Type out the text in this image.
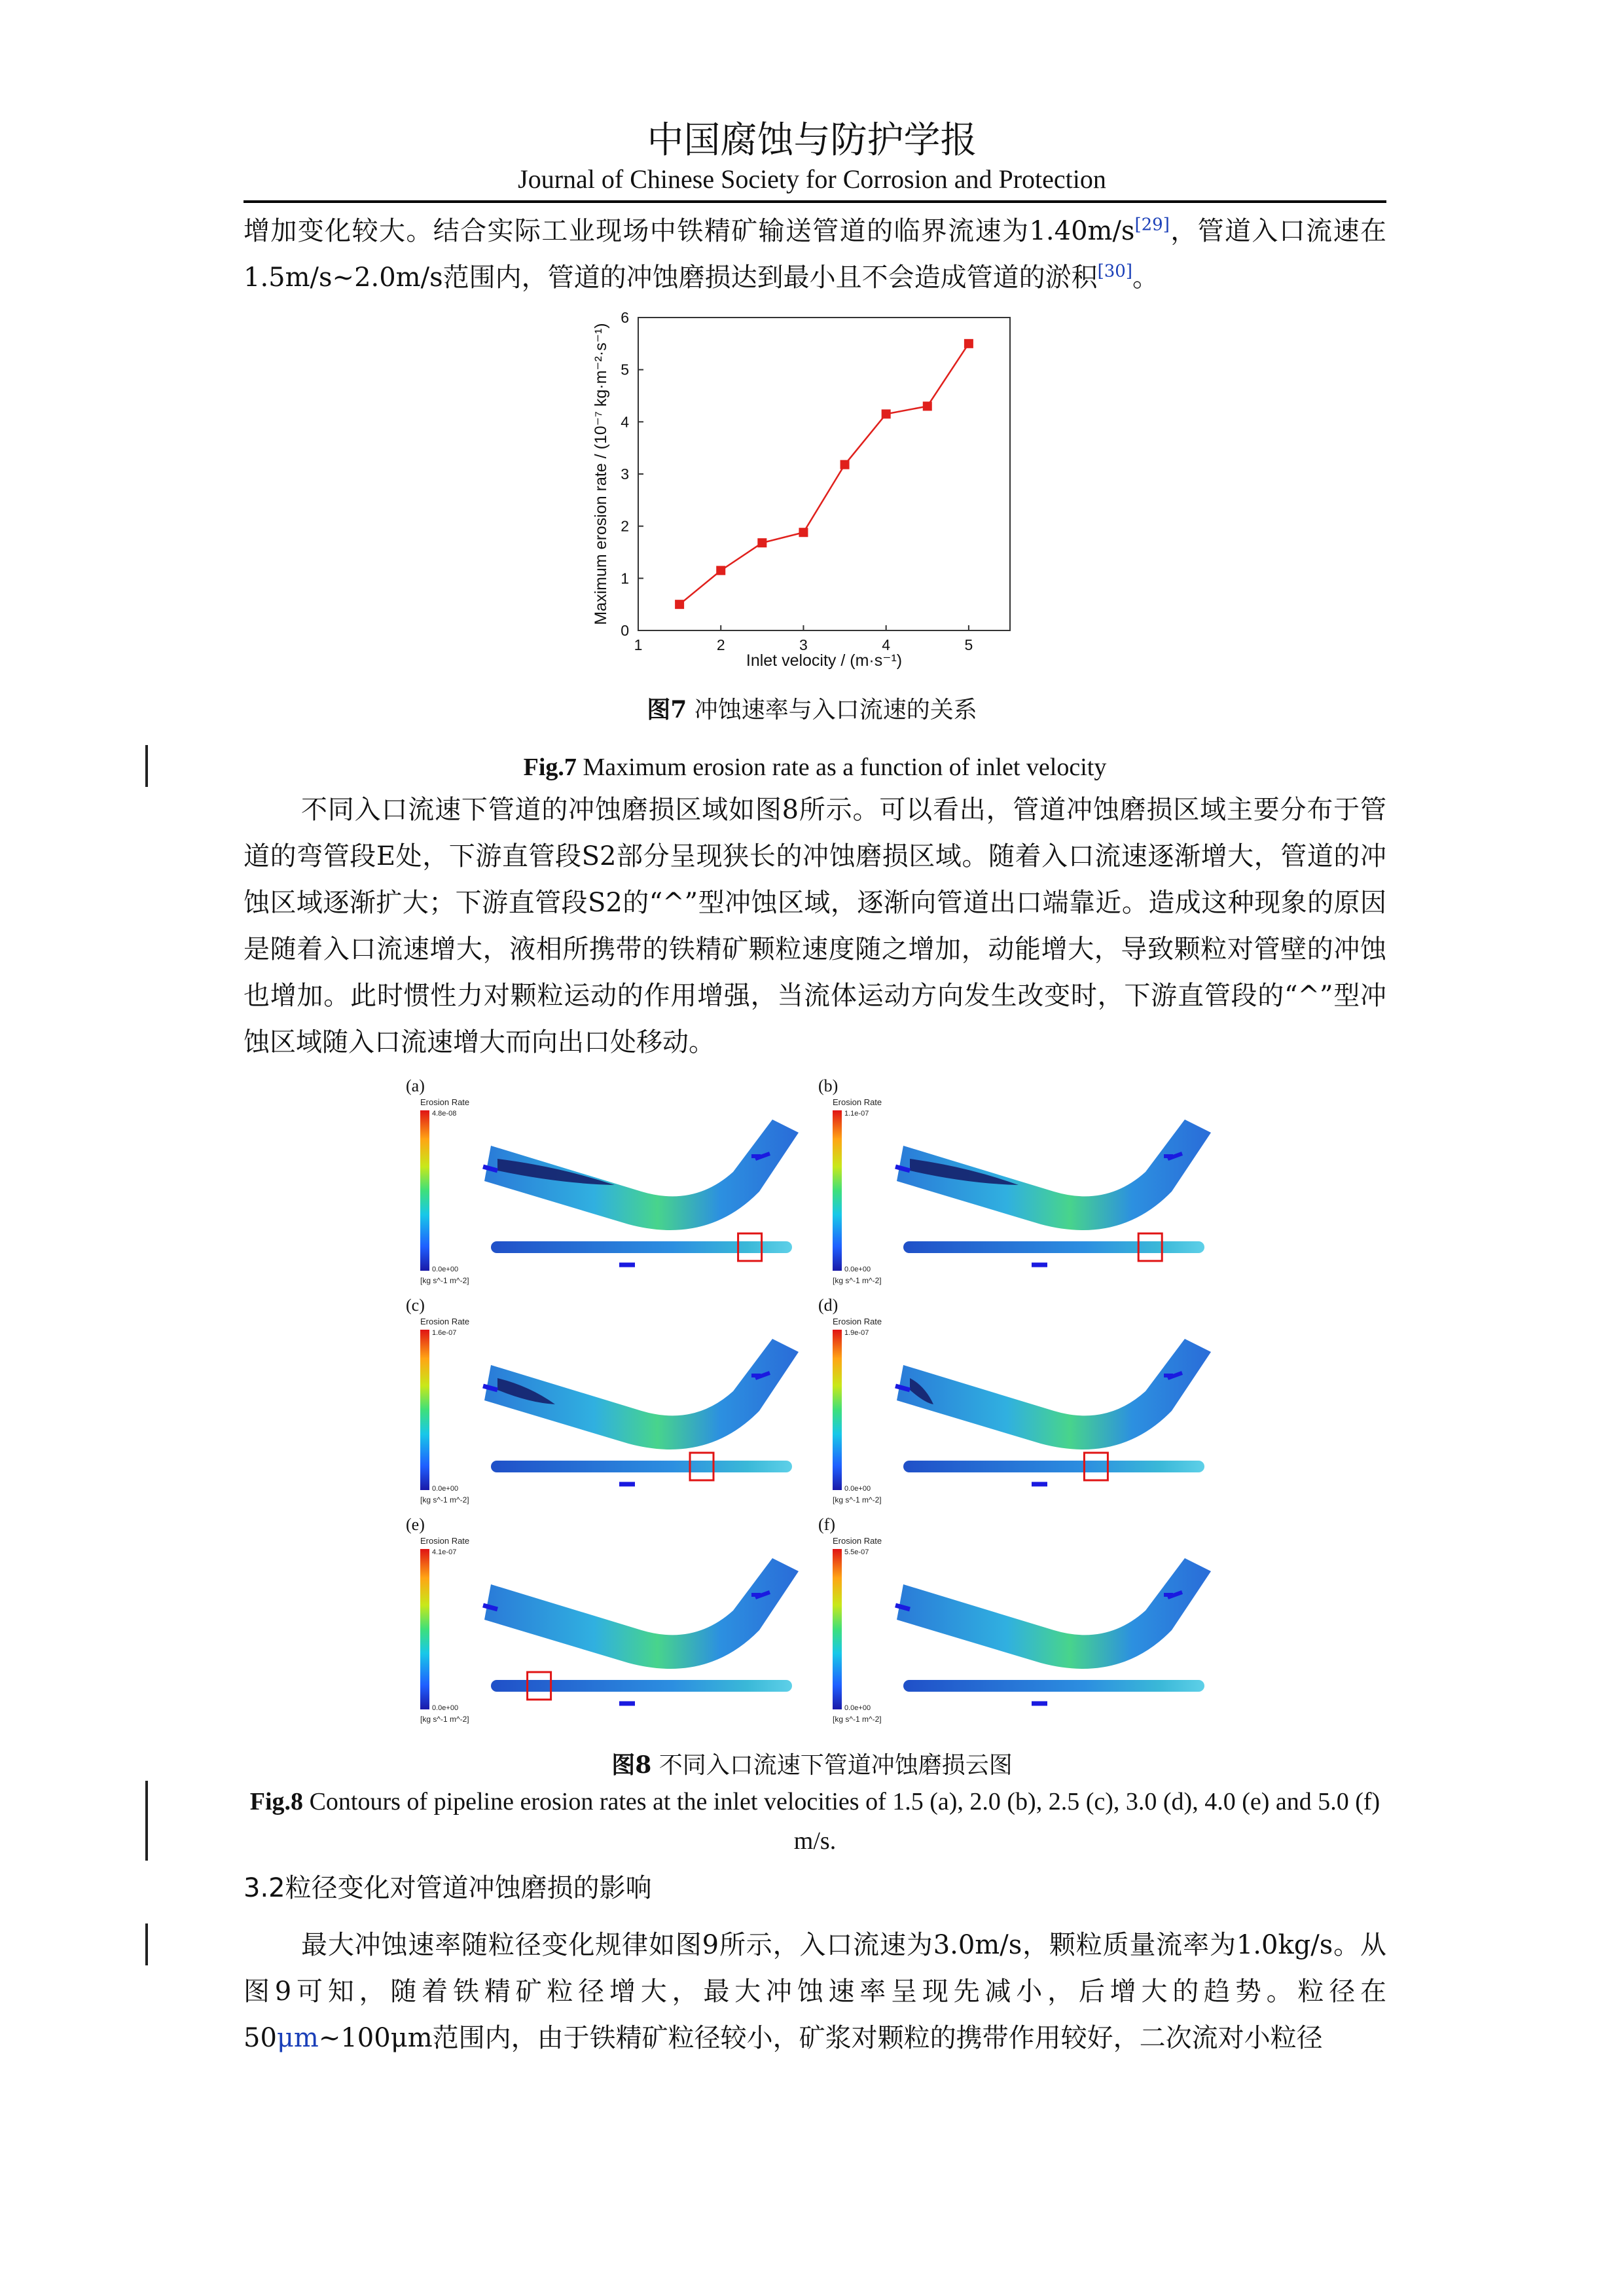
中国腐蚀与防护学报
Journal of Chinese Society for Corrosion and Protection

增加变化较大。结合实际工业现场中铁精矿输送管道的临界流速为1.40m/s[29]，管道入口流速在1.5m/s~2.0m/s范围内，管道的冲蚀磨损达到最小且不会造成管道的淤积[30]。

1	2	3	4	5
0
1
2
3
4
5
6
Inlet velocity / (m·s⁻¹)
Maximum erosion rate / (10⁻⁷ kg·m⁻²·s⁻¹)
图7 冲蚀速率与入口流速的关系
Fig.7 Maximum erosion rate as a function of inlet velocity

不同入口流速下管道的冲蚀磨损区域如图8所示。可以看出，管道冲蚀磨损区域主要分布于管道的弯管段E处，下游直管段S2部分呈现狭长的冲蚀磨损区域。随着入口流速逐渐增大，管道的冲蚀区域逐渐扩大；下游直管段S2的“^”型冲蚀区域，逐渐向管道出口端靠近。造成这种现象的原因是随着入口流速增大，液相所携带的铁精矿颗粒速度随之增加，动能增大，导致颗粒对管壁的冲蚀也增加。此时惯性力对颗粒运动的作用增强，当流体运动方向发生改变时，下游直管段的“^”型冲蚀区域随入口流速增大而向出口处移动。

(a)
Erosion Rate
4.8e-08
0.0e+00
[kg s^-1 m^-2]
(b)
Erosion Rate
1.1e-07
0.0e+00
[kg s^-1 m^-2]
(c)
Erosion Rate
1.6e-07
0.0e+00
[kg s^-1 m^-2]
(d)
Erosion Rate
1.9e-07
0.0e+00
[kg s^-1 m^-2]
(e)
Erosion Rate
4.1e-07
0.0e+00
[kg s^-1 m^-2]
(f)
Erosion Rate
5.5e-07
0.0e+00
[kg s^-1 m^-2]
图8 不同入口流速下管道冲蚀磨损云图
Fig.8 Contours of pipeline erosion rates at the inlet velocities of 1.5 (a), 2.0 (b), 2.5 (c), 3.0 (d), 4.0 (e) and 5.0 (f) m/s.
3.2粒径变化对管道冲蚀磨损的影响

最大冲蚀速率随粒径变化规律如图9所示，入口流速为3.0m/s，颗粒质量流率为1.0kg/s。从图9可知，随着铁精矿粒径增大，最大冲蚀速率呈现先减小，后增大的趋势。粒径在50μm~100μm范围内，由于铁精矿粒径较小，矿浆对颗粒的携带作用较好，二次流对小粒径
